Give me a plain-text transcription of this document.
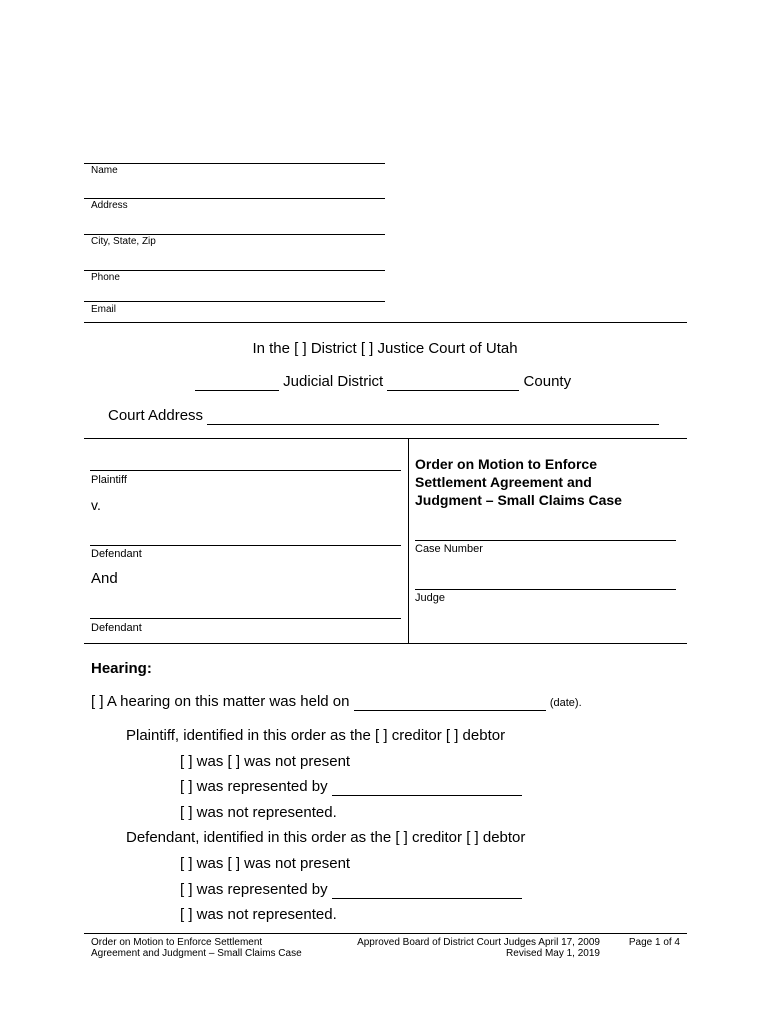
Name
Address
City, State, Zip
Phone
Email
In the [ ] District [ ] Justice Court of Utah
Judicial District	County
Court Address
Plaintiff
v.
Defendant
And
Defendant
Order on Motion to Enforce
Settlement Agreement and
Judgment – Small Claims Case
Case Number
Judge
Hearing:
[ ] A hearing on this matter was held on	(date).
Plaintiff, identified in this order as the [ ] creditor [ ] debtor
[ ] was [ ] was not present
[ ] was represented by
[ ] was not represented.
Defendant, identified in this order as the [ ] creditor [ ] debtor
[ ] was [ ] was not present
[ ] was represented by
[ ] was not represented.
Order on Motion to Enforce Settlement
Agreement and Judgment – Small Claims Case
Approved Board of District Court Judges April 17, 2009
Revised May 1, 2019
Page 1 of 4
